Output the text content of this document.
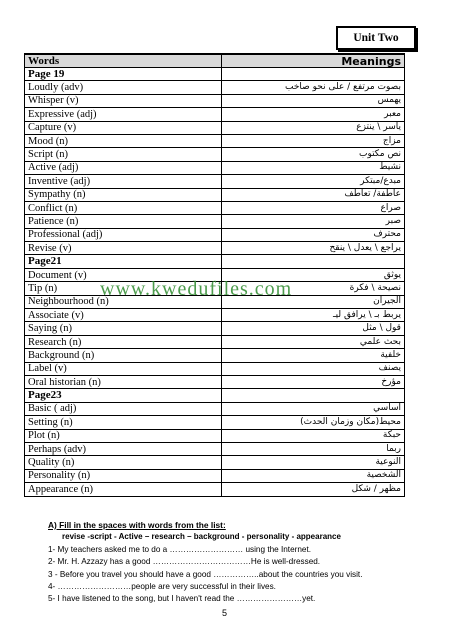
Unit Two
Words	Meanings
Page 19	
Loudly (adv)	بصوت مرتفع / على نحو صاخب
Whisper (v)	يهمس
Expressive (adj)	معبر
Capture (v)	يأسر \ ينتزع
Mood (n)	مزاج
Script (n)	نص مكتوب
Active (adj)	نشيط
Inventive (adj)	مبدع/مبتكر
Sympathy (n)	عاطفة/ تعاطف
Conflict (n)	صراع
Patience (n)	صبر
Professional (adj)	محترف
Revise (v)	يراجع \ يعدل \ ينقح
Page21	
Document (v)	يوثق
Tip (n)	نصيحة \ فكرة
Neighbourhood (n)	الجيران
Associate (v)	يربط بـ \ يرافق ليـ
Saying (n)	قول \ مثل
Research (n)	بحث علمي
Background (n)	خلفية
Label (v)	يصنف
Oral historian (n)	مؤرخ
Page23	
Basic ( adj)	أساسي
Setting (n)	محيط(مكان وزمان الحدث)
Plot (n)	حبكة
Perhaps (adv)	ربما
Quality (n)	النوعية
Personality (n)	الشخصية
Appearance (n)	مظهر / شكل
www.kwedufiles.com
A) Fill in the spaces with words from the list:
revise -script - Active – research – background - personality - appearance
1- My teachers asked me to do a ……………………… using the Internet.
2- Mr. H. Azzazy has a good ………………………………He is well-dressed.
3 - Before you travel you should have a good ……………..about the countries you visit.
4- ………………………people are very successful in their lives.
5- I have listened to the song, but I haven't read the ……………………yet.
5
